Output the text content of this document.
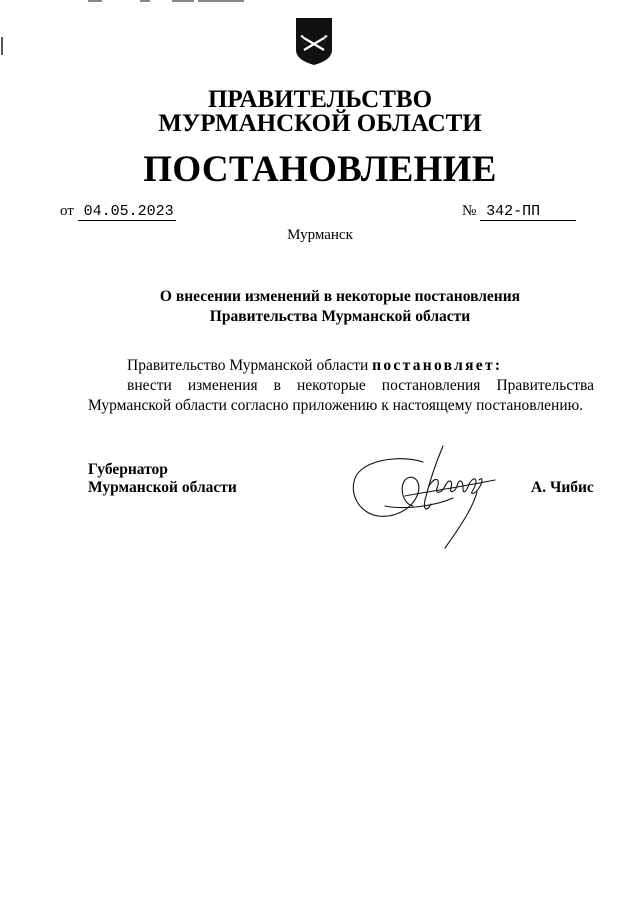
ПРАВИТЕЛЬСТВО
МУРМАНСКОЙ ОБЛАСТИ
ПОСТАНОВЛЕНИЕ
от 04.05.2023	№ 342-ПП
Мурманск
О внесении изменений в некоторые постановления
Правительства Мурманской области
Правительство Мурманской области постановляет:
внести изменения в некоторые постановления Правительства
Мурманской области согласно приложению к настоящему постановлению.
Губернатор
Мурманской области	А. Чибис
